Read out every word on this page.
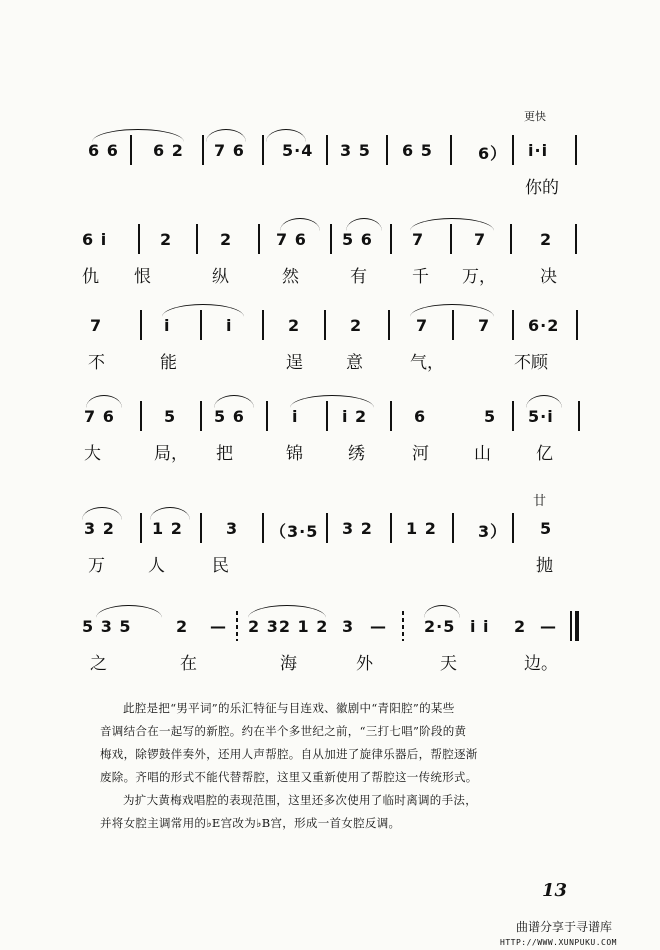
更快
6 6 6 2 7 6 5·4 3 5 6 5	6） i·i
你的
6 i	2	2	7 6 5 6 7	7	2
仇 恨	纵	然	有	千 万，	决
7	i	i	2	2	7	7 6·2
不	能	逞	意	气，	不顾
7 6	5 5 6	i	i 2	6	5 5·i
大	局， 把	锦	绣	河	山	亿
廿
3 2 1 2	3 （3·5 3 2 1 2	3） 5
万	人	民	抛
5 3 5	2 — 2 32 1 2 3 — 2·5 i i 2 —
之	在	海	外	天	边。

此腔是把“男平词”的乐汇特征与目连戏、徽剧中“青阳腔”的某些

音调结合在一起写的新腔。约在半个多世纪之前，“三打七唱”阶段的黄

梅戏，除锣鼓伴奏外，还用人声帮腔。自从加进了旋律乐器后，帮腔逐渐

废除。齐唱的形式不能代替帮腔，这里又重新使用了帮腔这一传统形式。

为扩大黄梅戏唱腔的表现范围，这里还多次使用了临时离调的手法，

并将女腔主调常用的♭E宫改为♭B宫，形成一首女腔反调。

13
曲谱分享于寻谱库
HTTP://WWW.XUNPUKU.COM
